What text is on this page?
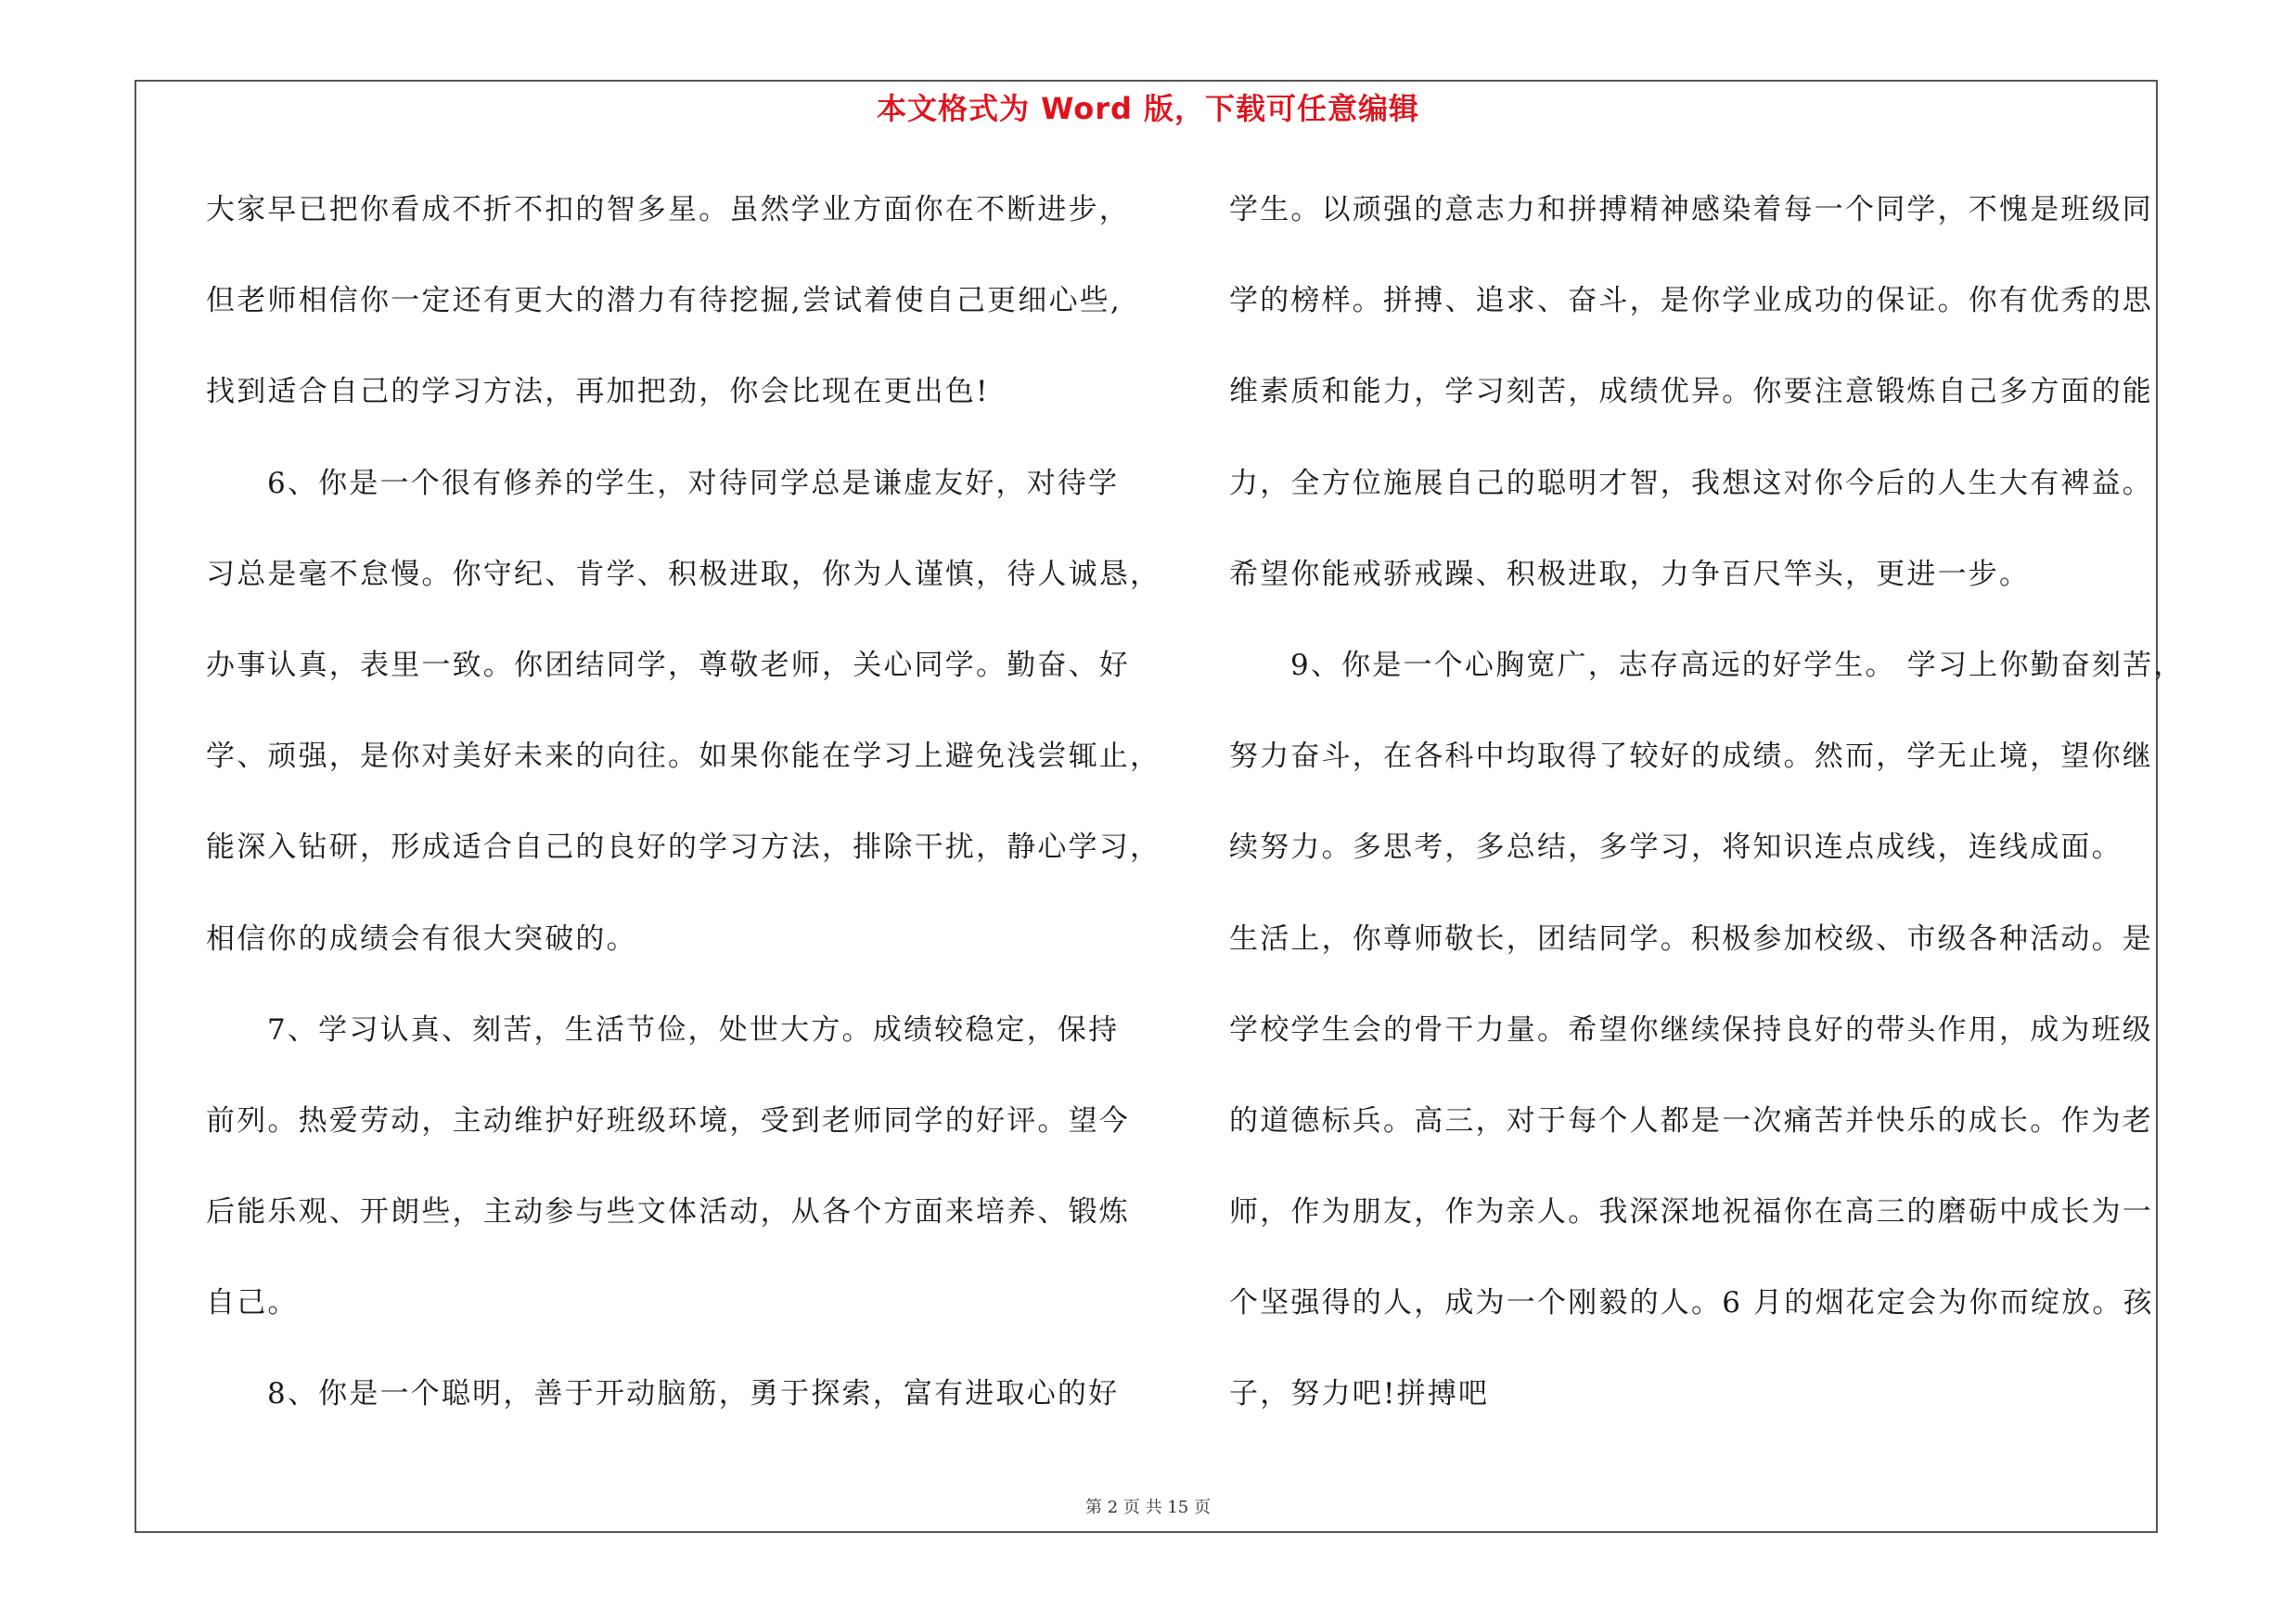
本文格式为 Word 版，下载可任意编辑
大家早已把你看成不折不扣的智多星。虽然学业方面你在不断进步，
但老师相信你一定还有更大的潜力有待挖掘,尝试着使自己更细心些,
找到适合自己的学习方法，再加把劲，你会比现在更出色!
6、你是一个很有修养的学生，对待同学总是谦虚友好，对待学
习总是毫不怠慢。你守纪、肯学、积极进取，你为人谨慎，待人诚恳，
办事认真，表里一致。你团结同学，尊敬老师，关心同学。勤奋、好
学、顽强，是你对美好未来的向往。如果你能在学习上避免浅尝辄止，
能深入钻研，形成适合自己的良好的学习方法，排除干扰，静心学习，
相信你的成绩会有很大突破的。
7、学习认真、刻苦，生活节俭，处世大方。成绩较稳定，保持
前列。热爱劳动，主动维护好班级环境，受到老师同学的好评。望今
后能乐观、开朗些，主动参与些文体活动，从各个方面来培养、锻炼
自己。
8、你是一个聪明，善于开动脑筋，勇于探索，富有进取心的好
学生。以顽强的意志力和拼搏精神感染着每一个同学，不愧是班级同
学的榜样。拼搏、追求、奋斗，是你学业成功的保证。你有优秀的思
维素质和能力，学习刻苦，成绩优异。你要注意锻炼自己多方面的能
力，全方位施展自己的聪明才智，我想这对你今后的人生大有裨益。
希望你能戒骄戒躁、积极进取，力争百尺竿头，更进一步。
9、你是一个心胸宽广，志存高远的好学生。 学习上你勤奋刻苦，
努力奋斗，在各科中均取得了较好的成绩。然而，学无止境，望你继
续努力。多思考，多总结，多学习，将知识连点成线，连线成面。
生活上，你尊师敬长，团结同学。积极参加校级、市级各种活动。是
学校学生会的骨干力量。希望你继续保持良好的带头作用，成为班级
的道德标兵。高三，对于每个人都是一次痛苦并快乐的成长。作为老
师，作为朋友，作为亲人。我深深地祝福你在高三的磨砺中成长为一
个坚强得的人，成为一个刚毅的人。6 月的烟花定会为你而绽放。孩
子，努力吧!拼搏吧
第 2 页 共 15 页
